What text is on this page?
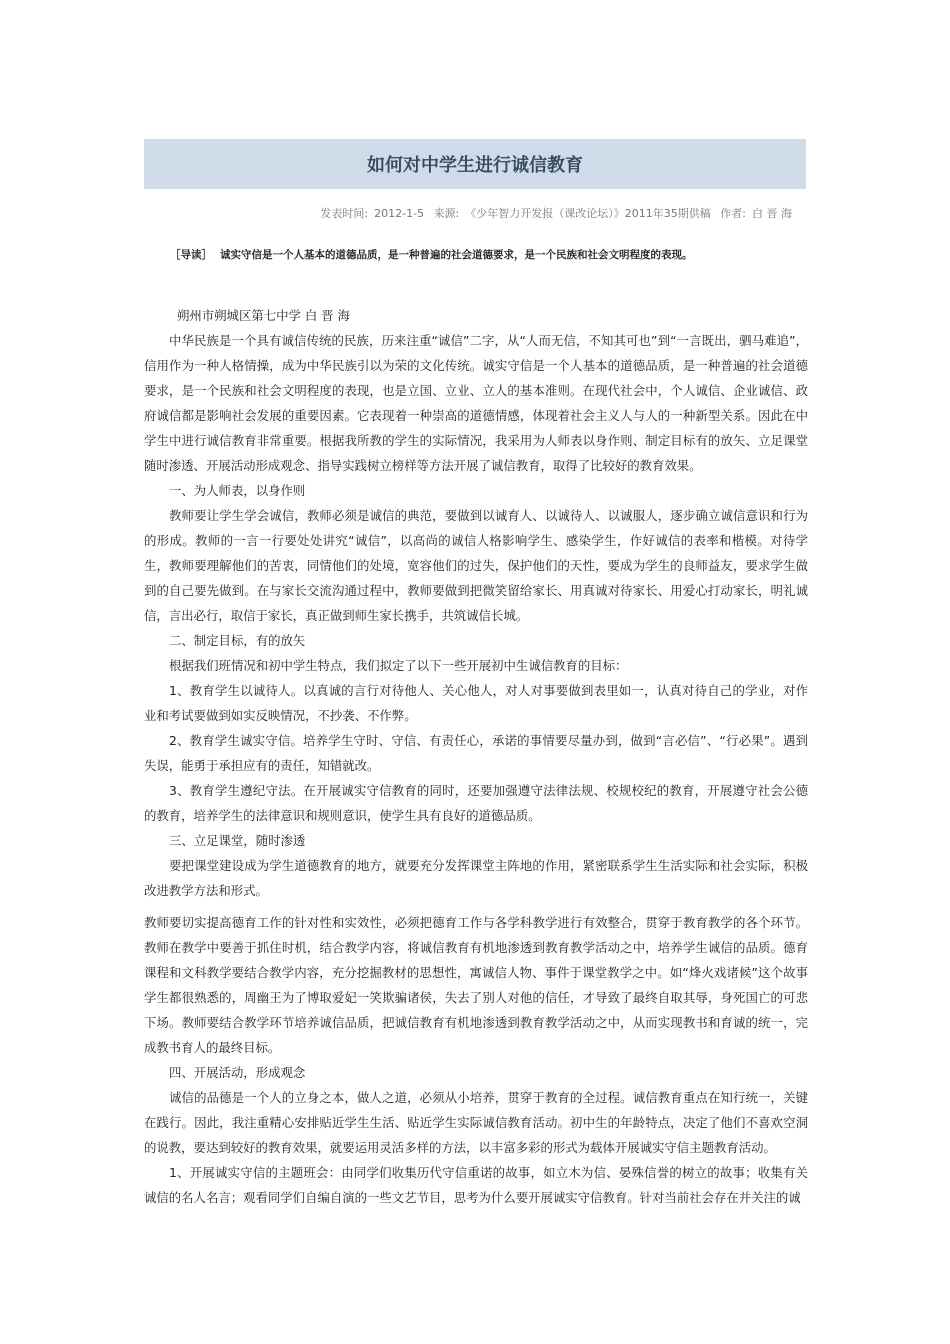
如何对中学生进行诚信教育
发表时间: 2012-1-5 来源: 《少年智力开发报（课改论坛）》2011年35期供稿 作者: 白 晋 海
［导读］ 诚实守信是一个人基本的道德品质，是一种普遍的社会道德要求，是一个民族和社会文明程度的表现。

朔州市朔城区第七中学 白 晋 海

中华民族是一个具有诚信传统的民族，历来注重“诚信”二字，从“人而无信，不知其可也”到“一言既出，驷马难追”，信用作为一种人格情操，成为中华民族引以为荣的文化传统。诚实守信是一个人基本的道德品质，是一种普遍的社会道德要求，是一个民族和社会文明程度的表现，也是立国、立业、立人的基本准则。在现代社会中，个人诚信、企业诚信、政府诚信都是影响社会发展的重要因素。它表现着一种崇高的道德情感，体现着社会主义人与人的一种新型关系。因此在中学生中进行诚信教育非常重要。根据我所教的学生的实际情况，我采用为人师表以身作则、制定目标有的放矢、立足课堂随时渗透、开展活动形成观念、指导实践树立榜样等方法开展了诚信教育，取得了比较好的教育效果。

一、为人师表，以身作则

教师要让学生学会诚信，教师必须是诚信的典范，要做到以诚育人、以诚待人、以诚服人，逐步确立诚信意识和行为的形成。教师的一言一行要处处讲究“诚信”，以高尚的诚信人格影响学生、感染学生，作好诚信的表率和楷模。对待学生，教师要理解他们的苦衷，同情他们的处境，宽容他们的过失，保护他们的天性，要成为学生的良师益友，要求学生做到的自己要先做到。在与家长交流沟通过程中，教师要做到把微笑留给家长、用真诚对待家长、用爱心打动家长，明礼诚信，言出必行，取信于家长，真正做到师生家长携手，共筑诚信长城。

二、制定目标，有的放矢

根据我们班情况和初中学生特点，我们拟定了以下一些开展初中生诚信教育的目标：

1、教育学生以诚待人。以真诚的言行对待他人、关心他人，对人对事要做到表里如一，认真对待自己的学业，对作业和考试要做到如实反映情况，不抄袭、不作弊。

2、教育学生诚实守信。培养学生守时、守信、有责任心，承诺的事情要尽量办到，做到“言必信”、“行必果”。遇到失误，能勇于承担应有的责任，知错就改。

3、教育学生遵纪守法。在开展诚实守信教育的同时，还要加强遵守法律法规、校规校纪的教育，开展遵守社会公德的教育，培养学生的法律意识和规则意识，使学生具有良好的道德品质。

三、立足课堂，随时渗透

要把课堂建设成为学生道德教育的地方，就要充分发挥课堂主阵地的作用，紧密联系学生生活实际和社会实际，积极改进教学方法和形式。

教师要切实提高德育工作的针对性和实效性，必须把德育工作与各学科教学进行有效整合，贯穿于教育教学的各个环节。教师在教学中要善于抓住时机，结合教学内容，将诚信教育有机地渗透到教育教学活动之中，培养学生诚信的品质。德育课程和文科教学要结合教学内容，充分挖掘教材的思想性，寓诚信人物、事件于课堂教学之中。如“烽火戏诸候”这个故事学生都很熟悉的，周幽王为了博取爱妃一笑欺骗诸侯，失去了别人对他的信任，才导致了最终自取其辱，身死国亡的可悲下场。教师要结合教学环节培养诚信品质，把诚信教育有机地渗透到教育教学活动之中，从而实现教书和育诚的统一，完成教书育人的最终目标。

四、开展活动，形成观念

诚信的品德是一个人的立身之本，做人之道，必须从小培养，贯穿于教育的全过程。诚信教育重点在知行统一，关键在践行。因此，我注重精心安排贴近学生生活、贴近学生实际诚信教育活动。初中生的年龄特点，决定了他们不喜欢空洞的说教，要达到较好的教育效果，就要运用灵活多样的方法，以丰富多彩的形式为载体开展诚实守信主题教育活动。

1、开展诚实守信的主题班会：由同学们收集历代守信重诺的故事，如立木为信、晏殊信誉的树立的故事；收集有关诚信的名人名言；观看同学们自编自演的一些文艺节目，思考为什么要开展诚实守信教育。针对当前社会存在并关注的诚
